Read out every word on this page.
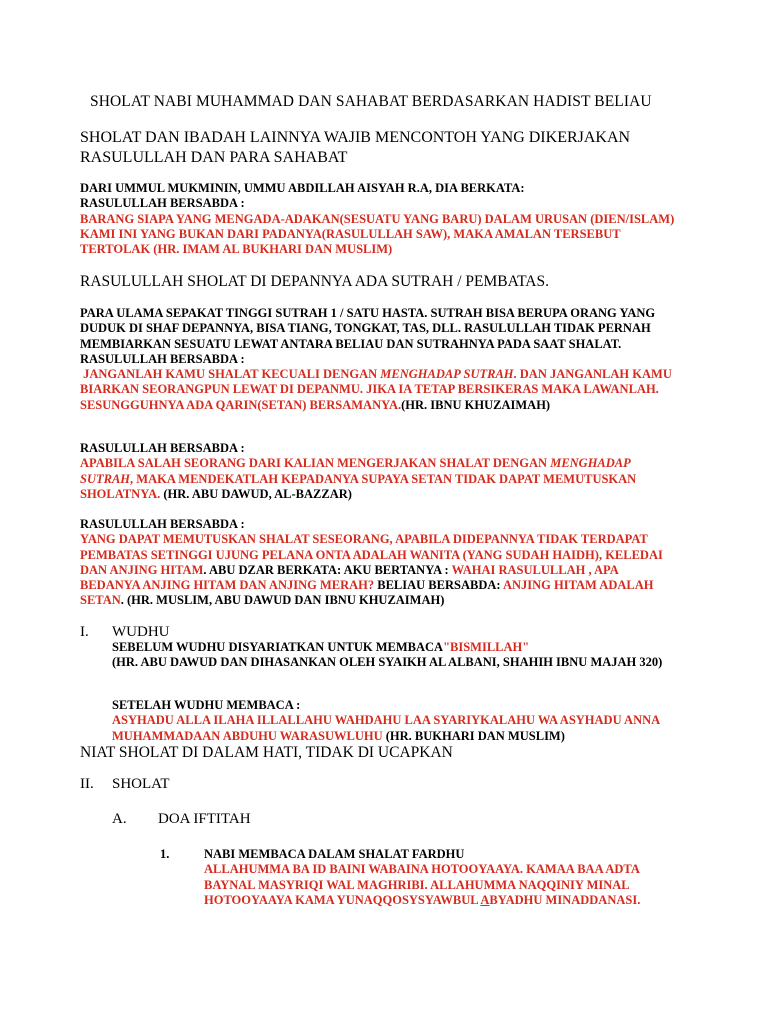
SHOLAT NABI MUHAMMAD DAN SAHABAT BERDASARKAN HADIST BELIAU

SHOLAT DAN IBADAH LAINNYA WAJIB MENCONTOH YANG DIKERJAKAN RASULULLAH DAN PARA SAHABAT

DARI UMMUL MUKMININ, UMMU ABDILLAH AISYAH R.A, DIA BERKATA: RASULULLAH BERSABDA :
BARANG SIAPA YANG MENGADA-ADAKAN(SESUATU YANG BARU) DALAM URUSAN (DIEN/ISLAM) KAMI INI YANG BUKAN DARI PADANYA(RASULULLAH SAW), MAKA AMALAN TERSEBUT TERTOLAK (HR. IMAM AL BUKHARI DAN MUSLIM)

RASULULLAH SHOLAT DI DEPANNYA ADA SUTRAH / PEMBATAS.

PARA ULAMA SEPAKAT TINGGI SUTRAH 1 / SATU HASTA. SUTRAH BISA BERUPA ORANG YANG DUDUK DI SHAF DEPANNYA, BISA TIANG, TONGKAT, TAS, DLL. RASULULLAH TIDAK PERNAH MEMBIARKAN SESUATU LEWAT ANTARA BELIAU DAN SUTRAHNYA PADA SAAT SHALAT.
RASULULLAH BERSABDA :
JANGANLAH KAMU SHALAT KECUALI DENGAN MENGHADAP SUTRAH. DAN JANGANLAH KAMU BIARKAN SEORANGPUN LEWAT DI DEPANMU. JIKA IA TETAP BERSIKERAS MAKA LAWANLAH. SESUNGGUHNYA ADA QARIN(SETAN) BERSAMANYA.(HR. IBNU KHUZAIMAH)
RASULULLAH BERSABDA :
APABILA SALAH SEORANG DARI KALIAN MENGERJAKAN SHALAT DENGAN MENGHADAP SUTRAH, MAKA MENDEKATLAH KEPADANYA SUPAYA SETAN TIDAK DAPAT MEMUTUSKAN SHOLATNYA. (HR. ABU DAWUD, AL-BAZZAR)
RASULULLAH BERSABDA :
YANG DAPAT MEMUTUSKAN SHALAT SESEORANG, APABILA DIDEPANNYA TIDAK TERDAPAT PEMBATAS SETINGGI UJUNG PELANA ONTA ADALAH WANITA (YANG SUDAH HAIDH), KELEDAI DAN ANJING HITAM. ABU DZAR BERKATA: AKU BERTANYA : WAHAI RASULULLAH , APA BEDANYA ANJING HITAM DAN ANJING MERAH? BELIAU BERSABDA: ANJING HITAM ADALAH SETAN. (HR. MUSLIM, ABU DAWUD DAN IBNU KHUZAIMAH)
I. WUDHU
SEBELUM WUDHU DISYARIATKAN UNTUK MEMBACA"BISMILLAH"
(HR. ABU DAWUD DAN DIHASANKAN OLEH SYAIKH AL ALBANI, SHAHIH IBNU MAJAH 320)
SETELAH WUDHU MEMBACA :
ASYHADU ALLA ILAHA ILLALLAHU WAHDAHU LAA SYARIYKALAHU WA ASYHADU ANNA MUHAMMADAAN ABDUHU WARASUWLUHU (HR. BUKHARI DAN MUSLIM)

NIAT SHOLAT DI DALAM HATI, TIDAK DI UCAPKAN

II. SHOLAT
A. DOA IFTITAH
1.	NABI MEMBACA DALAM SHALAT FARDHU
ALLAHUMMA BA ID BAINI WABAINA HOTOOYAAYA. KAMAA BAA ADTA BAYNAL MASYRIQI WAL MAGHRIBI. ALLAHUMMA NAQQINIY MINAL HOTOOYAAYA KAMA YUNAQQOSYSYAWBUL ABYADHU MINADDANASI.
